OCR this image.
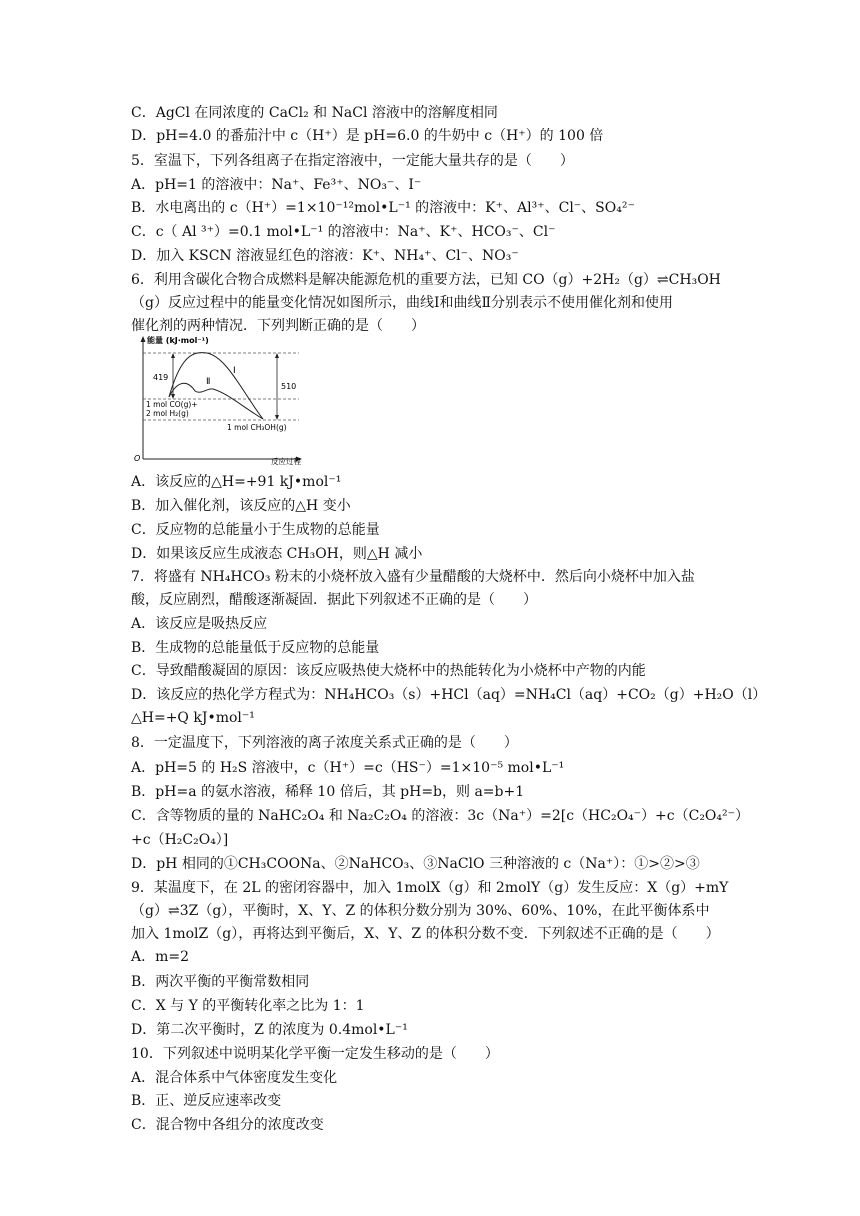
C．AgCl 在同浓度的 CaCl₂ 和 NaCl 溶液中的溶解度相同
D．pH=4.0 的番茄汁中 c（H⁺）是 pH=6.0 的牛奶中 c（H⁺）的 100 倍
5．室温下，下列各组离子在指定溶液中，一定能大量共存的是（　　）
A．pH=1 的溶液中：Na⁺、Fe³⁺、NO₃⁻、I⁻
B．水电离出的 c（H⁺）=1×10⁻¹²mol•L⁻¹ 的溶液中：K⁺、Al³⁺、Cl⁻、SO₄²⁻
C．c（ Al ³⁺）=0.1 mol•L⁻¹ 的溶液中：Na⁺、K⁺、HCO₃⁻、Cl⁻
D．加入 KSCN 溶液显红色的溶液：K⁺、NH₄⁺、Cl⁻、NO₃⁻
6．利用含碳化合物合成燃料是解决能源危机的重要方法，已知 CO（g）+2H₂（g）⇌CH₃OH
（g）反应过程中的能量变化情况如图所示，曲线Ⅰ和曲线Ⅱ分别表示不使用催化剂和使用
催化剂的两种情况．下列判断正确的是（　　）
A．该反应的△H=+91 kJ•mol⁻¹
B．加入催化剂，该反应的△H 变小
C．反应物的总能量小于生成物的总能量
D．如果该反应生成液态 CH₃OH，则△H 减小
7．将盛有 NH₄HCO₃ 粉末的小烧杯放入盛有少量醋酸的大烧杯中．然后向小烧杯中加入盐
酸，反应剧烈，醋酸逐渐凝固．据此下列叙述不正确的是（　　）
A．该反应是吸热反应
B．生成物的总能量低于反应物的总能量
C．导致醋酸凝固的原因：该反应吸热使大烧杯中的热能转化为小烧杯中产物的内能
D．该反应的热化学方程式为：NH₄HCO₃（s）+HCl（aq）=NH₄Cl（aq）+CO₂（g）+H₂O（l）
△H=+Q kJ•mol⁻¹
8．一定温度下，下列溶液的离子浓度关系式正确的是（　　）
A．pH=5 的 H₂S 溶液中，c（H⁺）=c（HS⁻）=1×10⁻⁵ mol•L⁻¹
B．pH=a 的氨水溶液，稀释 10 倍后，其 pH=b，则 a=b+1
C．含等物质的量的 NaHC₂O₄ 和 Na₂C₂O₄ 的溶液：3c（Na⁺）=2[c（HC₂O₄⁻）+c（C₂O₄²⁻）
+c（H₂C₂O₄）]
D．pH 相同的①CH₃COONa、②NaHCO₃、③NaClO 三种溶液的 c（Na⁺）：①>②>③
9．某温度下，在 2L 的密闭容器中，加入 1molX（g）和 2molY（g）发生反应：X（g）+mY
（g）⇌3Z（g），平衡时，X、Y、Z 的体积分数分别为 30%、60%、10%，在此平衡体系中
加入 1molZ（g），再将达到平衡后，X、Y、Z 的体积分数不变．下列叙述不正确的是（　　）
A．m=2
B．两次平衡的平衡常数相同
C．X 与 Y 的平衡转化率之比为 1：1
D．第二次平衡时，Z 的浓度为 0.4mol•L⁻¹
10．下列叙述中说明某化学平衡一定发生移动的是（　　）
A．混合体系中气体密度发生变化
B．正、逆反应速率改变
C．混合物中各组分的浓度改变
能量 (kJ·mol⁻¹)
419
510
Ⅰ
Ⅱ
1 mol CO(g)+
2 mol H₂(g)
1 mol CH₃OH(g)
O	反应过程
